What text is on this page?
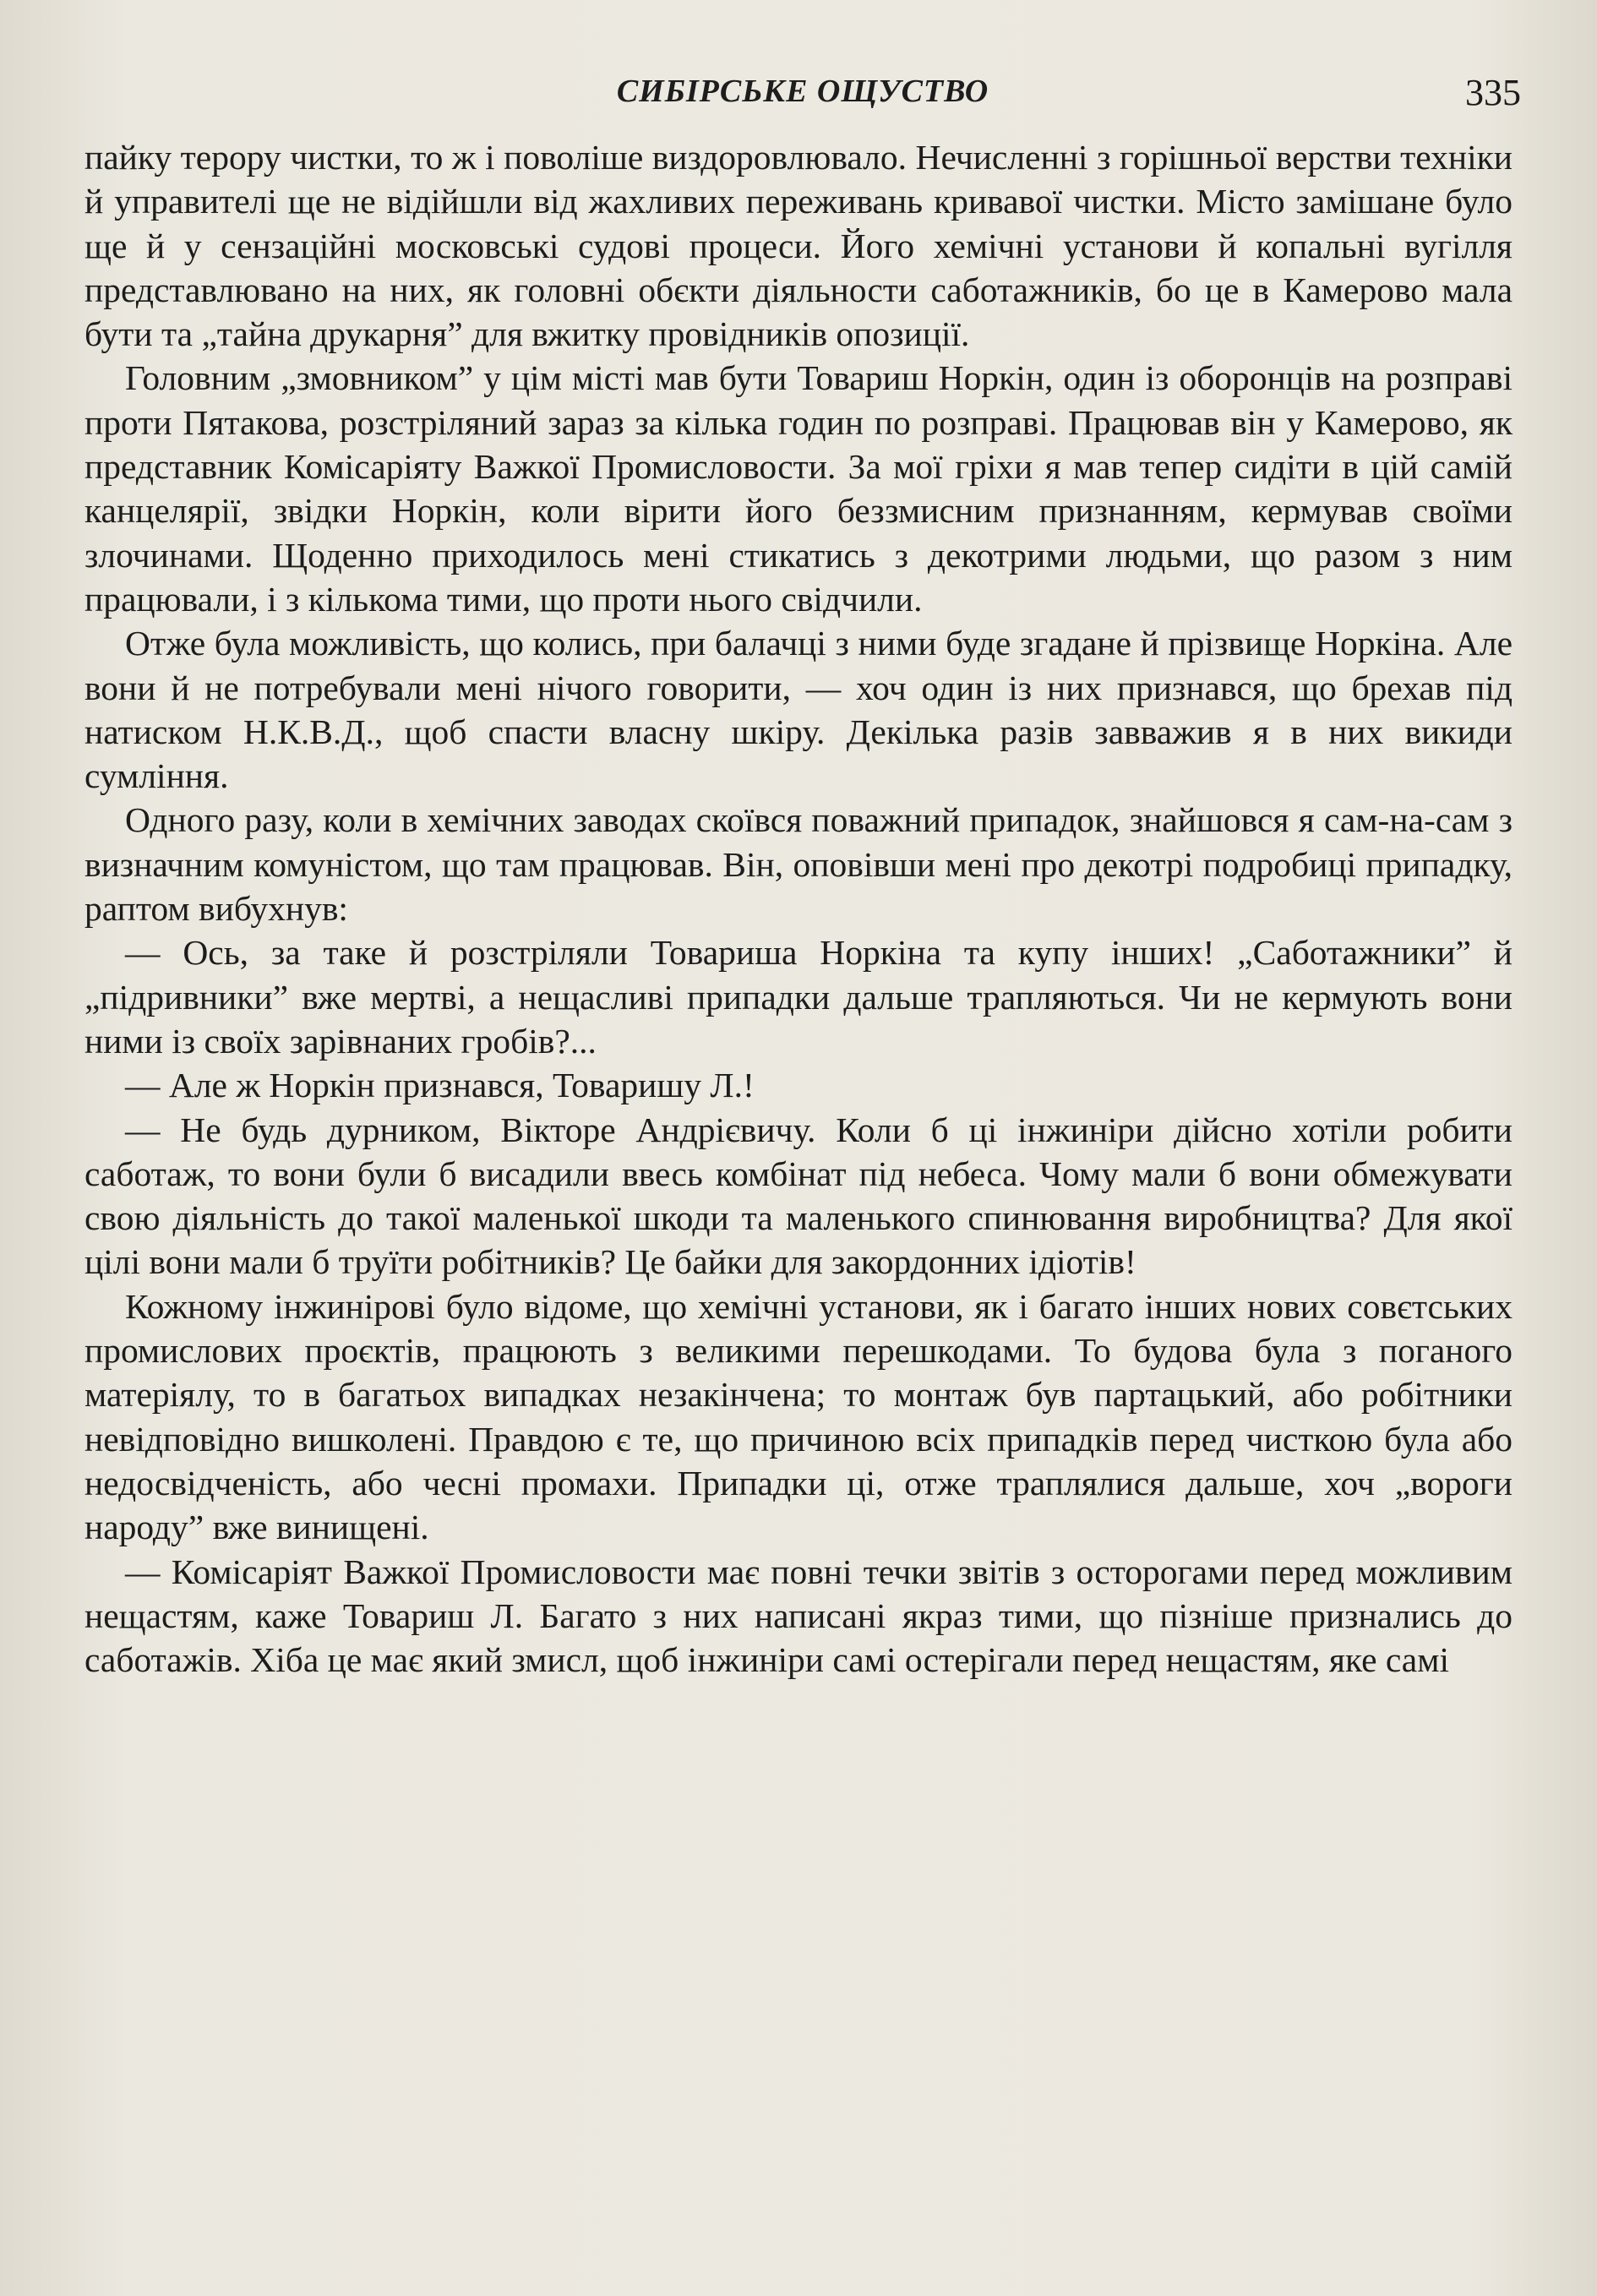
СИБІРСЬКЕ ОЩУСТВО	335

пайку терору чистки, то ж і поволіше виздоровлювало. Нечисленні з горішньої верстви техніки й управителі ще не відійшли від жахливих переживань кривавої чистки. Місто замішане було ще й у сензаційні московські судові процеси. Його хемічні установи й копальні вугілля представлювано на них, як головні обєкти діяльности саботажників, бо це в Камерово мала бути та „тайна друкарня” для вжитку провідників опозиції.

Головним „змовником” у цім місті мав бути Товариш Норкін, один із оборонців на розправі проти Пятакова, розстріляний зараз за кілька годин по розправі. Працював він у Камерово, як представник Комісаріяту Важкої Промисловости. За мої гріхи я мав тепер сидіти в цій самій канцелярії, звідки Норкін, коли вірити його беззмисним признанням, кермував своїми злочинами. Щоденно приходилось мені стикатись з декотрими людьми, що разом з ним працювали, і з кількома тими, що проти нього свідчили.

Отже була можливість, що колись, при балачці з ними буде згадане й прізвище Норкіна. Але вони й не потребували мені нічого говорити, — хоч один із них признався, що брехав під натиском Н.К.В.Д., щоб спасти власну шкіру. Декілька разів завважив я в них викиди сумління.

Одного разу, коли в хемічних заводах скоївся поважний припадок, знайшовся я сам-на-сам з визначним комуністом, що там працював. Він, оповівши мені про декотрі подробиці припадку, раптом вибухнув:

— Ось, за таке й розстріляли Товариша Норкіна та купу інших! „Саботажники” й „підривники” вже мертві, а нещасливі припадки дальше трапляються. Чи не кермують вони ними із своїх зарівнаних гробів?...

— Але ж Норкін признався, Товаришу Л.!

— Не будь дурником, Вікторе Андрієвичу. Коли б ці інжиніри дійсно хотіли робити саботаж, то вони були б висадили ввесь комбінат під небеса. Чому мали б вони обмежувати свою діяльність до такої маленької шкоди та маленького спинювання виробництва? Для якої цілі вони мали б труїти робітників? Це байки для закордонних ідіотів!

Кожному інжинірові було відоме, що хемічні установи, як і багато інших нових совєтських промислових проєктів, працюють з великими перешкодами. То будова була з поганого матеріялу, то в багатьох випадках незакінчена; то монтаж був партацький, або робітники невідповідно вишколені. Правдою є те, що причиною всіх припадків перед чисткою була або недосвідченість, або чесні промахи. Припадки ці, отже траплялися дальше, хоч „вороги народу” вже винищені.

— Комісаріят Важкої Промисловости має повні течки звітів з осторогами перед можливим нещастям, каже Товариш Л. Багато з них написані якраз тими, що пізніше признались до саботажів. Хіба це має який змисл, щоб інжиніри самі остерігали перед нещастям, яке самі
